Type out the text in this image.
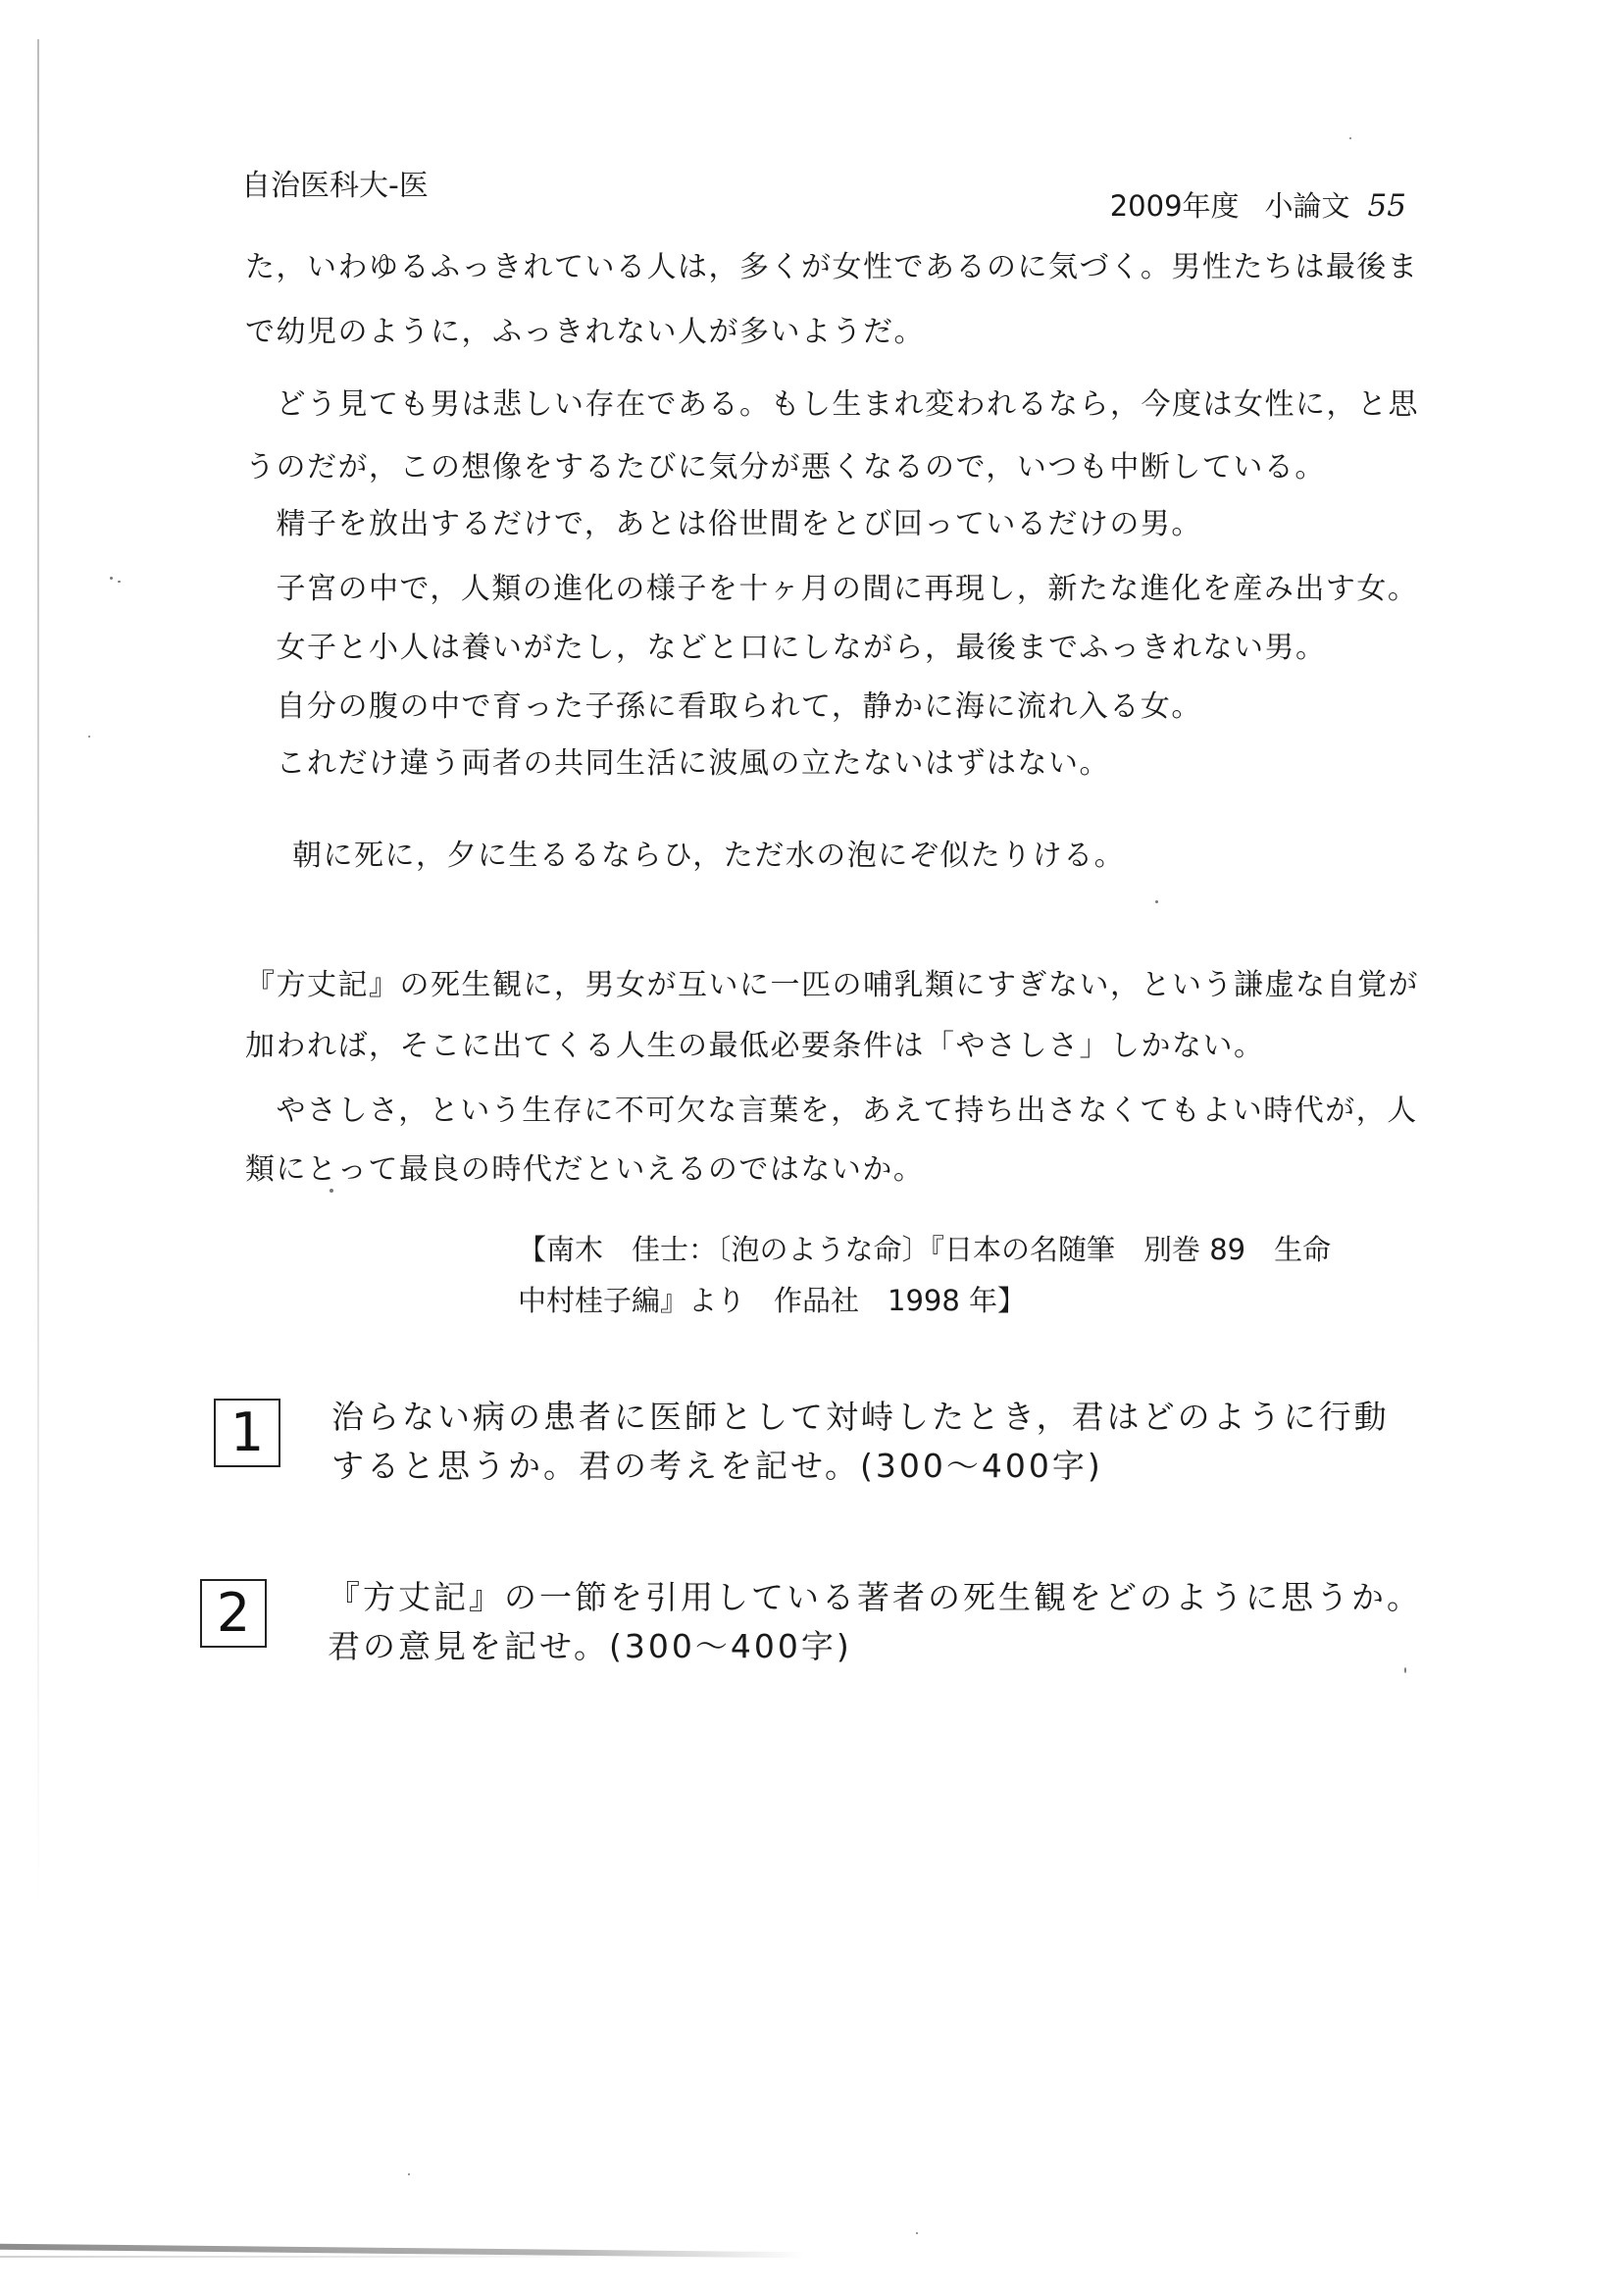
自治医科大-医
2009年度 小論文 55
た，いわゆるふっきれている人は，多くが女性であるのに気づく。男性たちは最後ま
で幼児のように，ふっきれない人が多いようだ。
　どう見ても男は悲しい存在である。もし生まれ変われるなら，今度は女性に，と思
うのだが，この想像をするたびに気分が悪くなるので，いつも中断している。
　精子を放出するだけで，あとは俗世間をとび回っているだけの男。
　子宮の中で，人類の進化の様子を十ヶ月の間に再現し，新たな進化を産み出す女。
　女子と小人は養いがたし，などと口にしながら，最後までふっきれない男。
　自分の腹の中で育った子孫に看取られて，静かに海に流れ入る女。
　これだけ違う両者の共同生活に波風の立たないはずはない。
朝に死に，夕に生るるならひ，ただ水の泡にぞ似たりける。
『方丈記』の死生観に，男女が互いに一匹の哺乳類にすぎない，という謙虚な自覚が
加われば，そこに出てくる人生の最低必要条件は「やさしさ」しかない。
　やさしさ，という生存に不可欠な言葉を，あえて持ち出さなくてもよい時代が，人
類にとって最良の時代だといえるのではないか。
【南木　佳士：〔泡のような命〕『日本の名随筆　別巻 89　生命
中村桂子編』より　作品社　1998 年】
1	治らない病の患者に医師として対峙したとき，君はどのように行動
すると思うか。君の考えを記せ。(300～400字)
2	『方丈記』の一節を引用している著者の死生観をどのように思うか。
君の意見を記せ。(300～400字)
